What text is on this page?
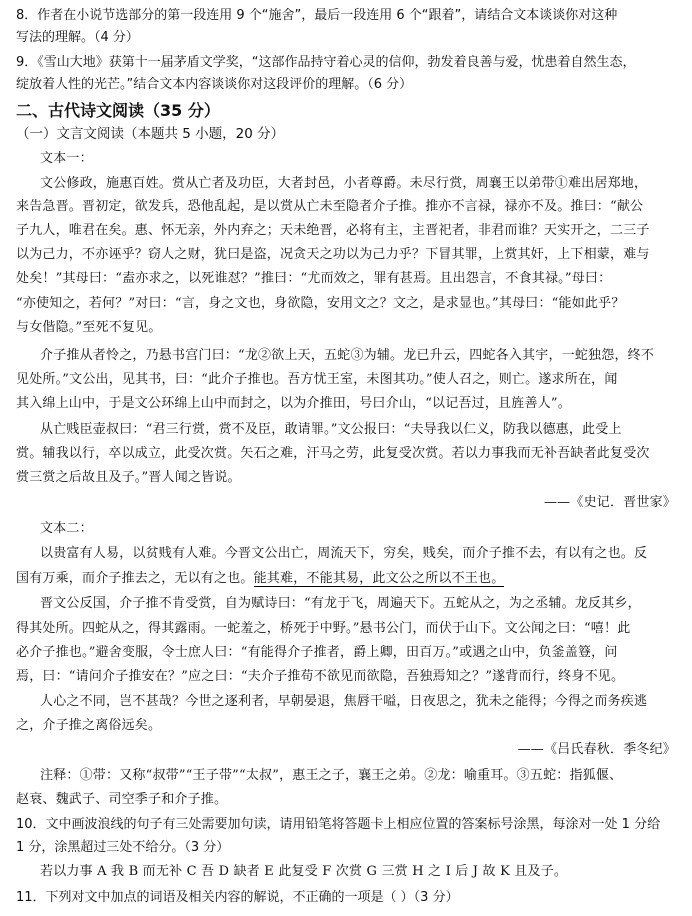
8．作者在小说节选部分的第一段连用 9 个“施舍”，最后一段连用 6 个“跟着”，请结合文本谈谈你对这种
写法的理解。（4 分）
9．《雪山大地》获第十一届茅盾文学奖，“这部作品持守着心灵的信仰，勃发着良善与爱，忧患着自然生态，
绽放着人性的光芒。”结合文本内容谈谈你对这段评价的理解。（6 分）
二、古代诗文阅读（35 分）
（一）文言文阅读（本题共 5 小题，20 分）
文本一：
文公修政，施惠百姓。赏从亡者及功臣，大者封邑，小者尊爵。未尽行赏，周襄王以弟带①难出居郑地，
来告急晋。晋初定，欲发兵，恐他乱起，是以赏从亡未至隐者介子推。推亦不言禄，禄亦不及。推曰：“献公
子九人，唯君在矣。惠、怀无亲，外内弃之；天未绝晋，必将有主，主晋祀者，非君而谁？天实开之，二三子
以为己力，不亦诬乎？窃人之财，犹曰是盗，况贪天之功以为己力乎？下冒其罪，上赏其奸，上下相蒙，难与
处矣！”其母曰：“盍亦求之，以死谁怼？”推曰：“尤而效之，罪有甚焉。且出怨言，不食其禄。”母曰：
“亦使知之，若何？”对曰：“言，身之文也，身欲隐，安用文之？文之，是求显也。”其母曰：“能如此乎？
与女偕隐。”至死不复见。
介子推从者怜之，乃悬书宫门曰：“龙②欲上天，五蛇③为辅。龙已升云，四蛇各入其宇，一蛇独怨，终不
见处所。”文公出，见其书，曰：“此介子推也。吾方忧王室，未图其功。”使人召之，则亡。遂求所在，闻
其入绵上山中，于是文公环绵上山中而封之，以为介推田，号曰介山，“以记吾过，且旌善人”。
从亡贱臣壶叔曰：“君三行赏，赏不及臣，敢请罪。”文公报曰：“夫导我以仁义，防我以德惠，此受上
赏。辅我以行，卒以成立，此受次赏。矢石之难，汗马之劳，此复受次赏。若以力事我而无补吾缺者此复受次
赏三赏之后故且及子。”晋人闻之皆说。
——《史记．晋世家》
文本二：
以贵富有人易，以贫贱有人难。今晋文公出亡，周流天下，穷矣，贱矣，而介子推不去，有以有之也。反
国有万乘，而介子推去之，无以有之也。能其难，不能其易，此文公之所以不王也。
晋文公反国，介子推不肯受赏，自为赋诗曰：“有龙于飞，周遍天下。五蛇从之，为之丞辅。龙反其乡，
得其处所。四蛇从之，得其露雨。一蛇羞之，桥死于中野。”悬书公门，而伏于山下。文公闻之曰：“嘻！此
必介子推也。”避舍变服，令士庶人曰：“有能得介子推者，爵上卿，田百万。”或遇之山中，负釜盖簦，问
焉，曰：“请问介子推安在？”应之曰：“夫介子推苟不欲见而欲隐，吾独焉知之？”遂背而行，终身不见。
人心之不同，岂不甚哉？今世之逐利者，早朝晏退，焦唇干嗌，日夜思之，犹未之能得；今得之而务疾逃
之，介子推之离俗远矣。
——《吕氏春秋．季冬纪》
注释：①带：又称“叔带”“王子带”“太叔”，惠王之子，襄王之弟。②龙：喻重耳。③五蛇：指狐偃、
赵衰、魏武子、司空季子和介子推。
10．文中画波浪线的句子有三处需要加句读，请用铅笔将答题卡上相应位置的答案标号涂黑，每涂对一处 1 分给
1 分，涂黑超过三处不给分。（3 分）
若以力事 A 我 B 而无补 C 吾 D 缺者 E 此复受 F 次赏 G 三赏 H 之 I 后 J 故 K 且及子。
11．下列对文中加点的词语及相关内容的解说，不正确的一项是（ ）（3 分）
